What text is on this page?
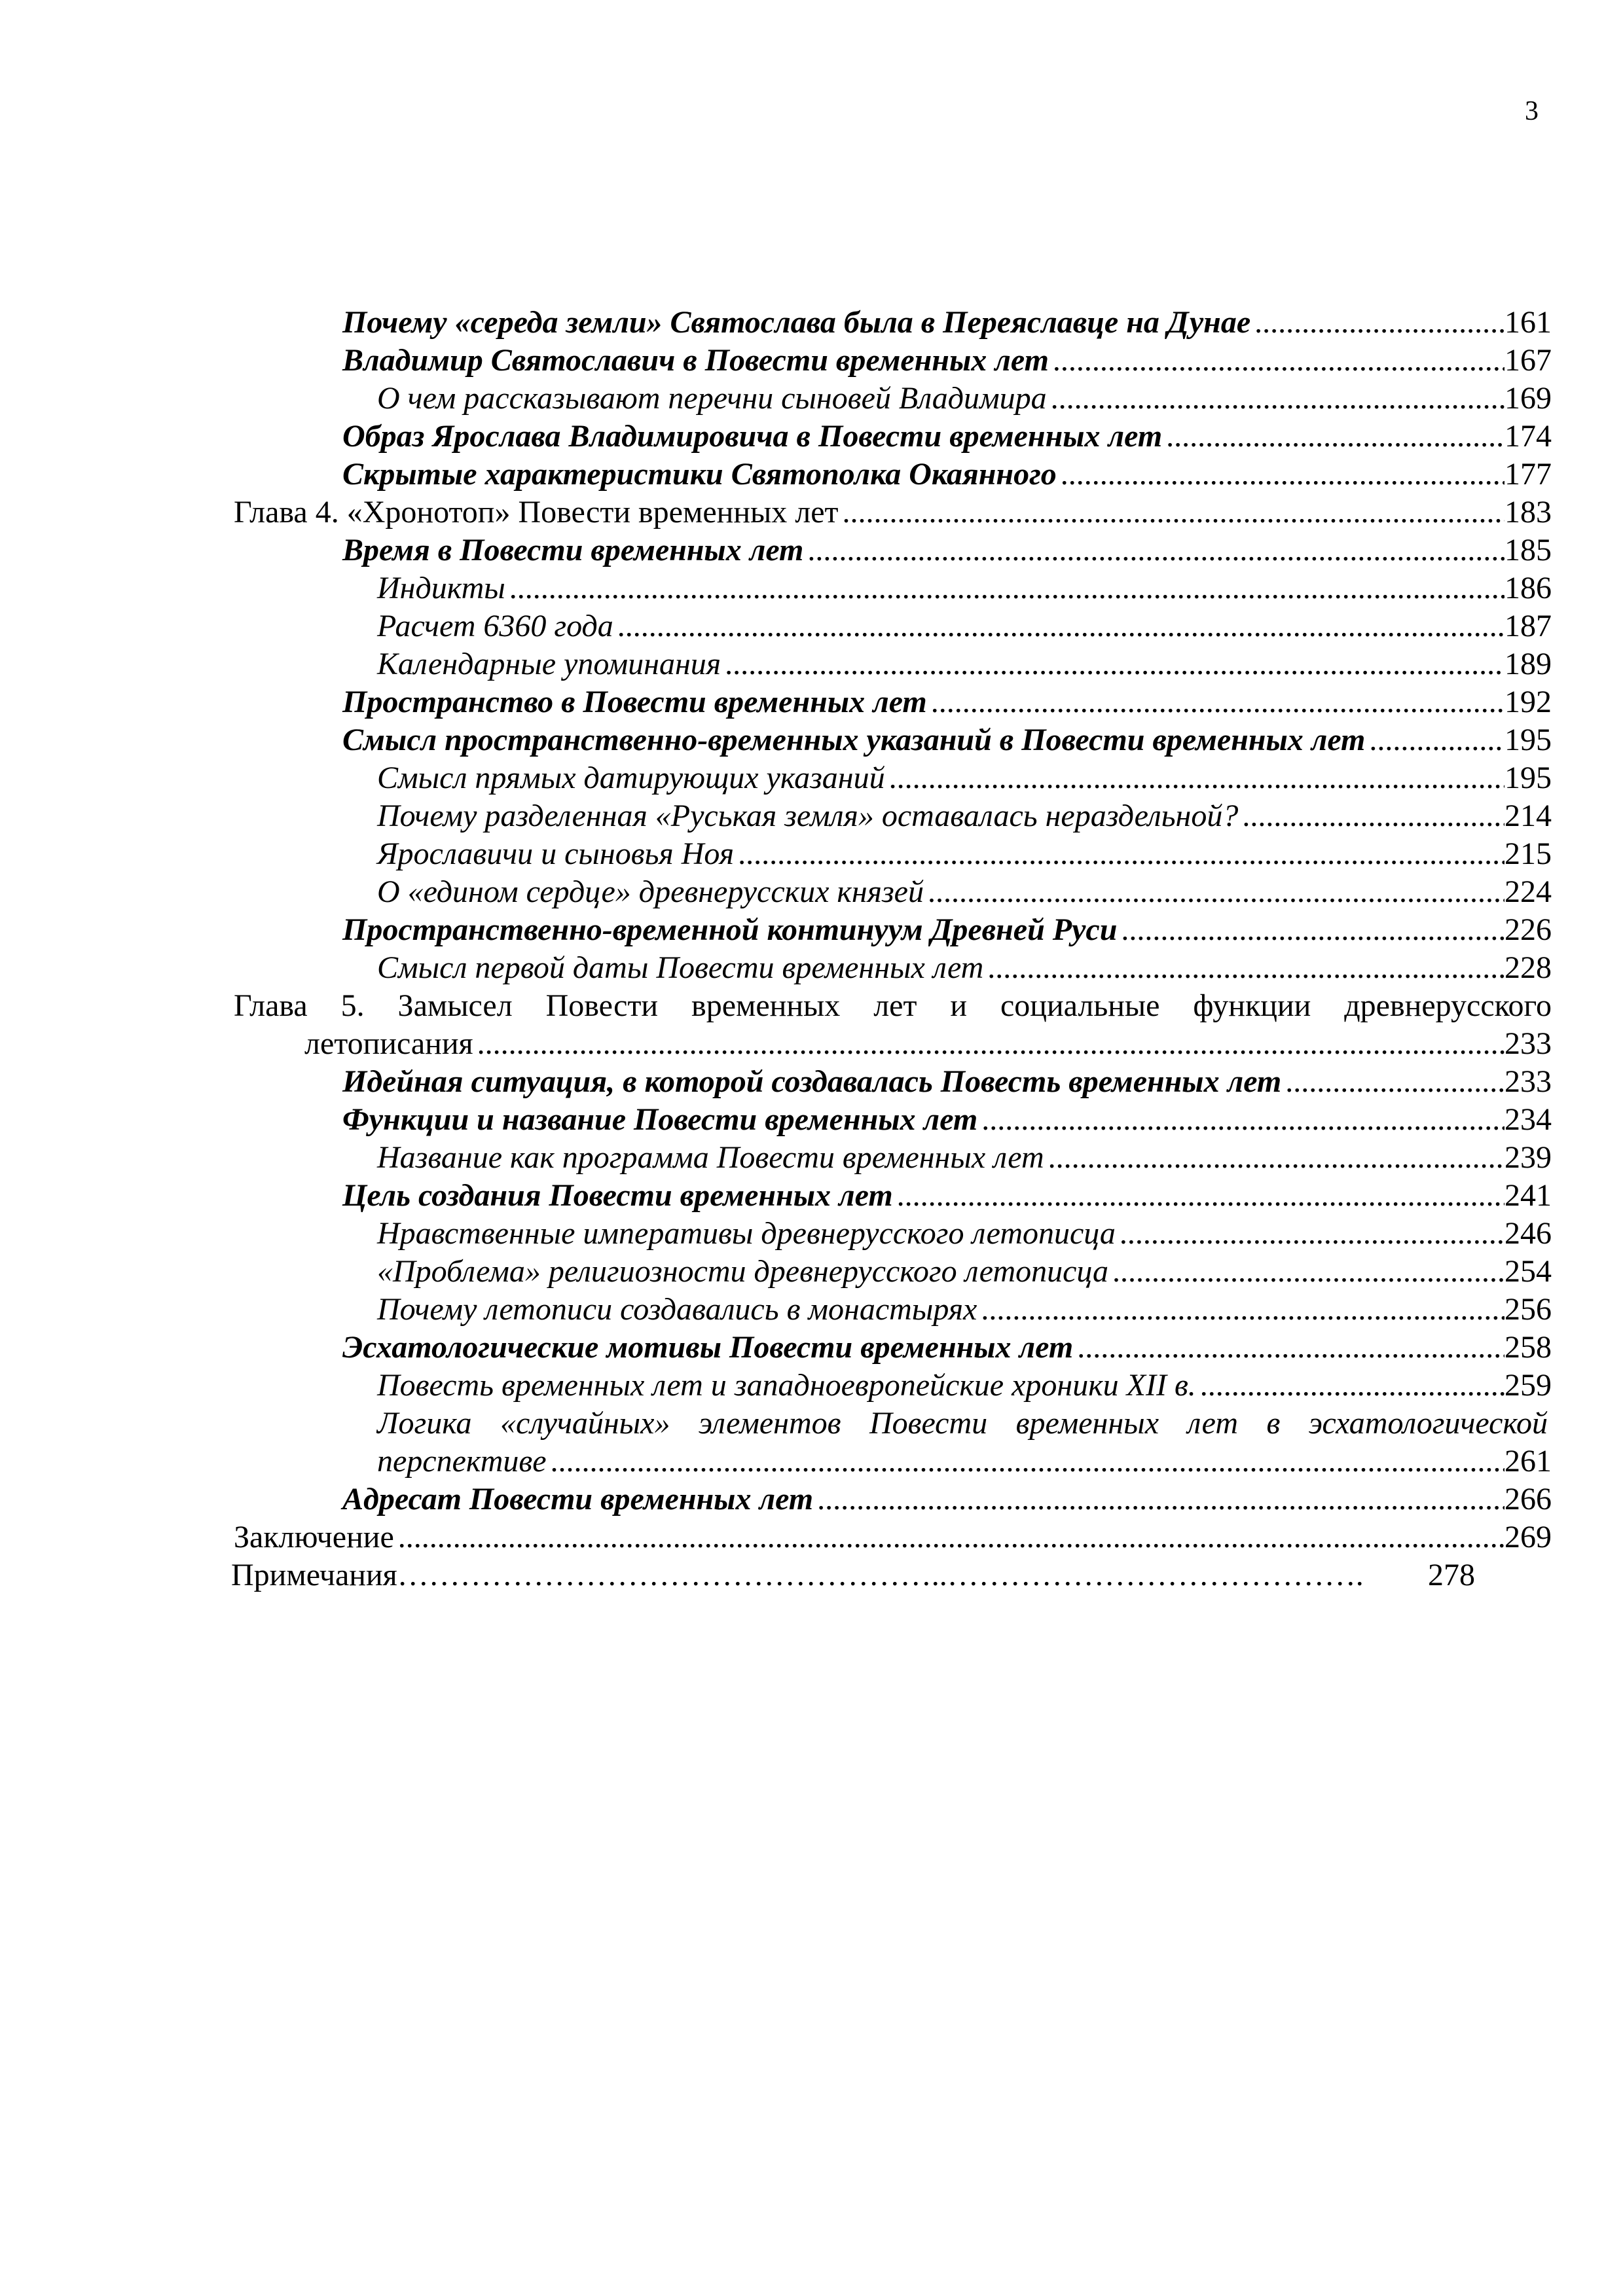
3
Почему «середа земли» Святослава была в Переяславце на Дунае .....	161
Владимир Святославич в Повести временных лет .....	167
О чем рассказывают перечни сыновей Владимира .....	169
Образ Ярослава Владимировича в Повести временных лет .....	174
Скрытые характеристики Святополка Окаянного .....	177
Глава 4. «Хронотоп» Повести временных лет .....	183
Время в Повести временных лет .....	185
Индикты .....	186
Расчет 6360 года .....	187
Календарные упоминания .....	189
Пространство в Повести временных лет .....	192
Смысл пространственно-временных указаний в Повести временных лет .....	195
Смысл прямых датирующих указаний .....	195
Почему разделенная «Руськая земля» оставалась нераздельной? .....	214
Ярославичи и сыновья Ноя .....	215
О «едином сердце» древнерусских князей .....	224
Пространственно-временной континуум Древней Руси .....	226
Смысл первой даты Повести временных лет .....	228
Глава 5. Замысел Повести временных лет и социальные функции древнерусского
летописания .....	233
Идейная ситуация, в которой создавалась Повесть временных лет .....	233
Функции и название Повести временных лет .....	234
Название как программа Повести временных лет .....	239
Цель создания Повести временных лет .....	241
Нравственные императивы древнерусского летописца .....	246
«Проблема» религиозности древнерусского летописца .....	254
Почему летописи создавались в монастырях .....	256
Эсхатологические мотивы Повести временных лет .....	258
Повесть временных лет и западноевропейские хроники XII в. .....	259
Логика «случайных» элементов Повести временных лет в эсхатологической
перспективе .....	261
Адресат Повести временных лет .....	266
Заключение .....	269
Примечания ……………………………………………..………………………………….	278
